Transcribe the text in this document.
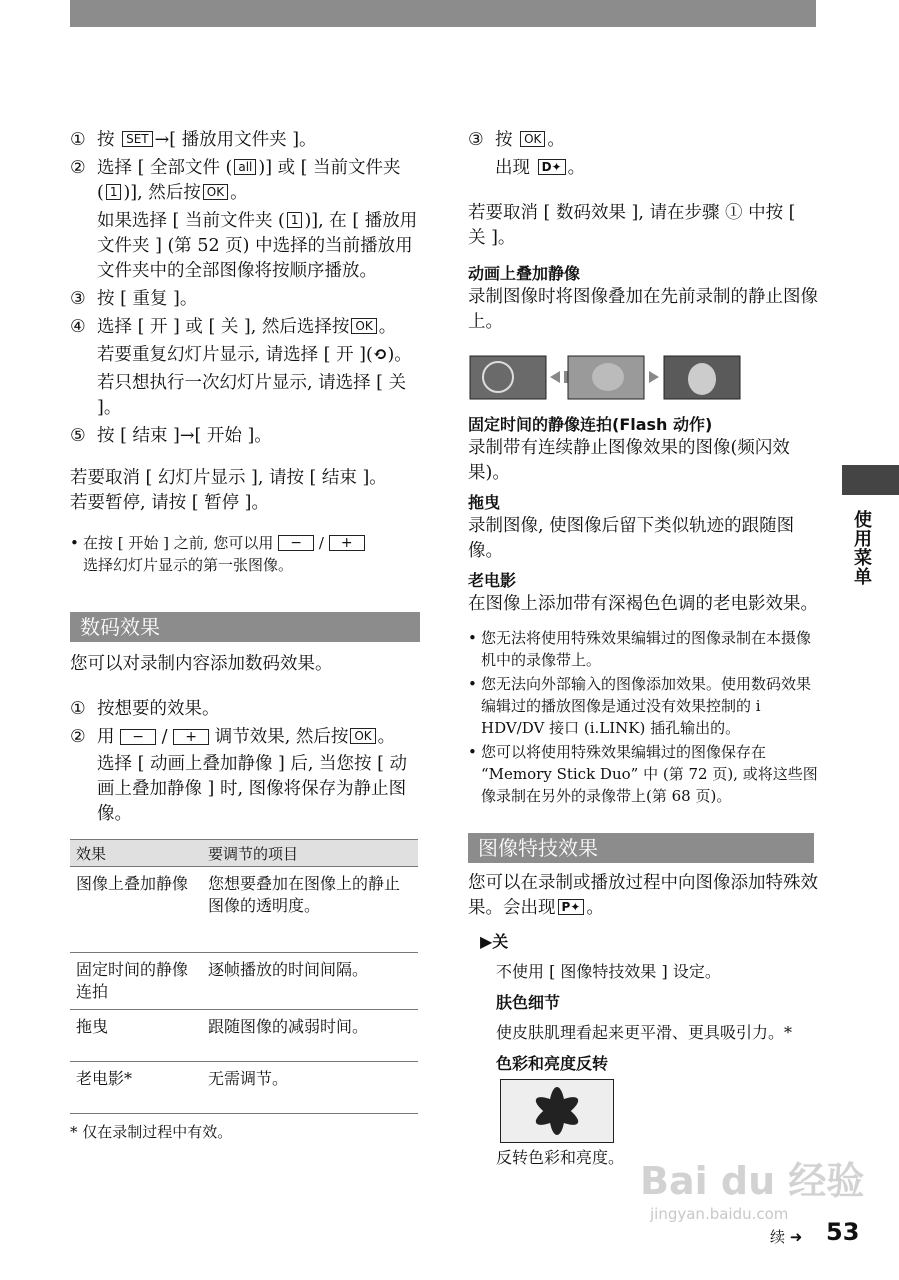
① 按 SET →[ 播放用文件夹 ]。
② 选择 [ 全部文件 ( all )] 或 [ 当前文件夹
( 1 )], 然后按 OK 。
如果选择 [ 当前文件夹 ( 1 )], 在 [ 播放用文件夹 ] (第 52 页) 中选择的当前播放用文件夹中的全部图像将按顺序播放。
③ 按 [ 重复 ]。
④ 选择 [ 开 ] 或 [ 关 ], 然后选择按 OK 。
若要重复幻灯片显示, 请选择 [ 开 ](⟲)。
若只想执行一次幻灯片显示, 请选择 [ 关 ]。
⑤ 按 [ 结束 ]→[ 开始 ]。

若要取消 [ 幻灯片显示 ], 请按 [ 结束 ]。

若要暂停, 请按 [ 暂停 ]。

• 在按 [ 开始 ] 之前, 您可以用 − / +
选择幻灯片显示的第一张图像。
数码效果

您可以对录制内容添加数码效果。

① 按想要的效果。
② 用 − / + 调节效果, 然后按 OK 。
选择 [ 动画上叠加静像 ] 后, 当您按 [ 动画上叠加静像 ] 时, 图像将保存为静止图像。
效果	要调节的项目
图像上叠加静像	您想要叠加在图像上的静止图像的透明度。
固定时间的静像连拍	逐帧播放的时间间隔。
拖曳	跟随图像的减弱时间。
老电影*	无需调节。

* 仅在录制过程中有效。

③ 按 OK 。
出现 D✦ 。

若要取消 [ 数码效果 ], 请在步骤 ① 中按 [ 关 ]。

动画上叠加静像

录制图像时将图像叠加在先前录制的静止图像上。

固定时间的静像连拍(Flash 动作)

录制带有连续静止图像效果的图像(频闪效果)。

拖曳

录制图像, 使图像后留下类似轨迹的跟随图像。

老电影

在图像上添加带有深褐色色调的老电影效果。

• 您无法将使用特殊效果编辑过的图像录制在本摄像机中的录像带上。
• 您无法向外部输入的图像添加效果。使用数码效果编辑过的播放图像是通过没有效果控制的 i HDV/DV 接口 (i.LINK) 插孔输出的。
• 您可以将使用特殊效果编辑过的图像保存在 “Memory Stick Duo” 中 (第 72 页), 或将这些图像录制在另外的录像带上(第 68 页)。
图像特技效果

您可以在录制或播放过程中向图像添加特殊效果。会出现 P✦ 。

▶关

不使用 [ 图像特技效果 ] 设定。

肤色细节

使皮肤肌理看起来更平滑、更具吸引力。*

色彩和亮度反转

反转色彩和亮度。

使用菜单
Bai du 经验
jingyan.baidu.com
续 ➜ 53
